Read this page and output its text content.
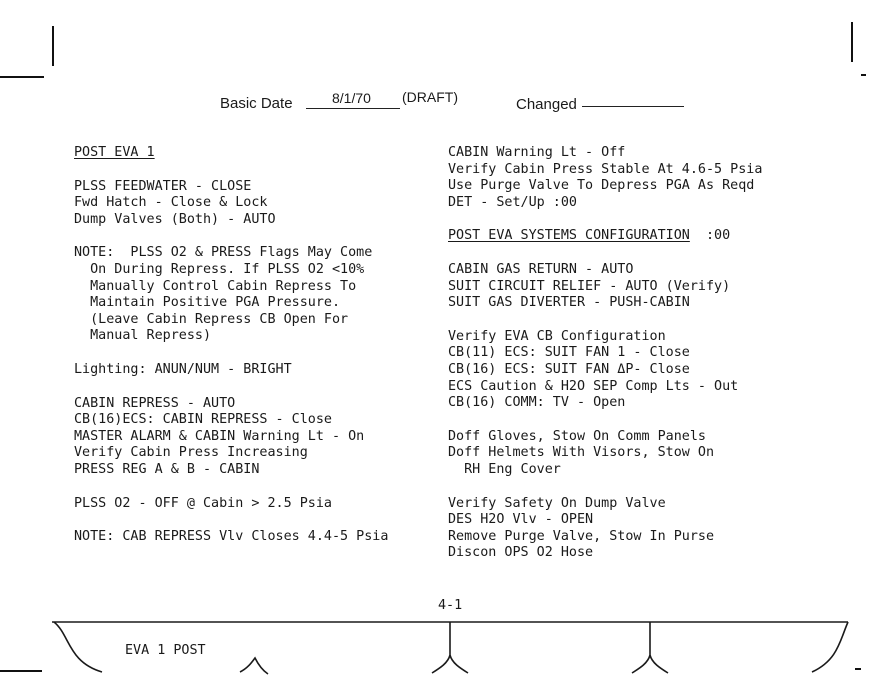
Basic Date	8/1/70 (DRAFT)	Changed
POST EVA 1
PLSS FEEDWATER - CLOSE
Fwd Hatch - Close & Lock
Dump Valves (Both) - AUTO
NOTE:  PLSS O2 & PRESS Flags May Come
On During Repress. If PLSS O2 <10%
Manually Control Cabin Repress To
Maintain Positive PGA Pressure.
(Leave Cabin Repress CB Open For
Manual Repress)
Lighting: ANUN/NUM - BRIGHT
CABIN REPRESS - AUTO
CB(16)ECS: CABIN REPRESS - Close
MASTER ALARM & CABIN Warning Lt - On
Verify Cabin Press Increasing
PRESS REG A & B - CABIN
PLSS O2 - OFF @ Cabin > 2.5 Psia
NOTE: CAB REPRESS Vlv Closes 4.4-5 Psia
CABIN Warning Lt - Off
Verify Cabin Press Stable At 4.6-5 Psia
Use Purge Valve To Depress PGA As Reqd
DET - Set/Up :00
POST EVA SYSTEMS CONFIGURATION :00
CABIN GAS RETURN - AUTO
SUIT CIRCUIT RELIEF - AUTO (Verify)
SUIT GAS DIVERTER - PUSH-CABIN
Verify EVA CB Configuration
CB(11) ECS: SUIT FAN 1 - Close
CB(16) ECS: SUIT FAN ΔP- Close
ECS Caution & H2O SEP Comp Lts - Out
CB(16) COMM: TV - Open
Doff Gloves, Stow On Comm Panels
Doff Helmets With Visors, Stow On
RH Eng Cover
Verify Safety On Dump Valve
DES H2O Vlv - OPEN
Remove Purge Valve, Stow In Purse
Discon OPS O2 Hose
4-1
EVA 1 POST
